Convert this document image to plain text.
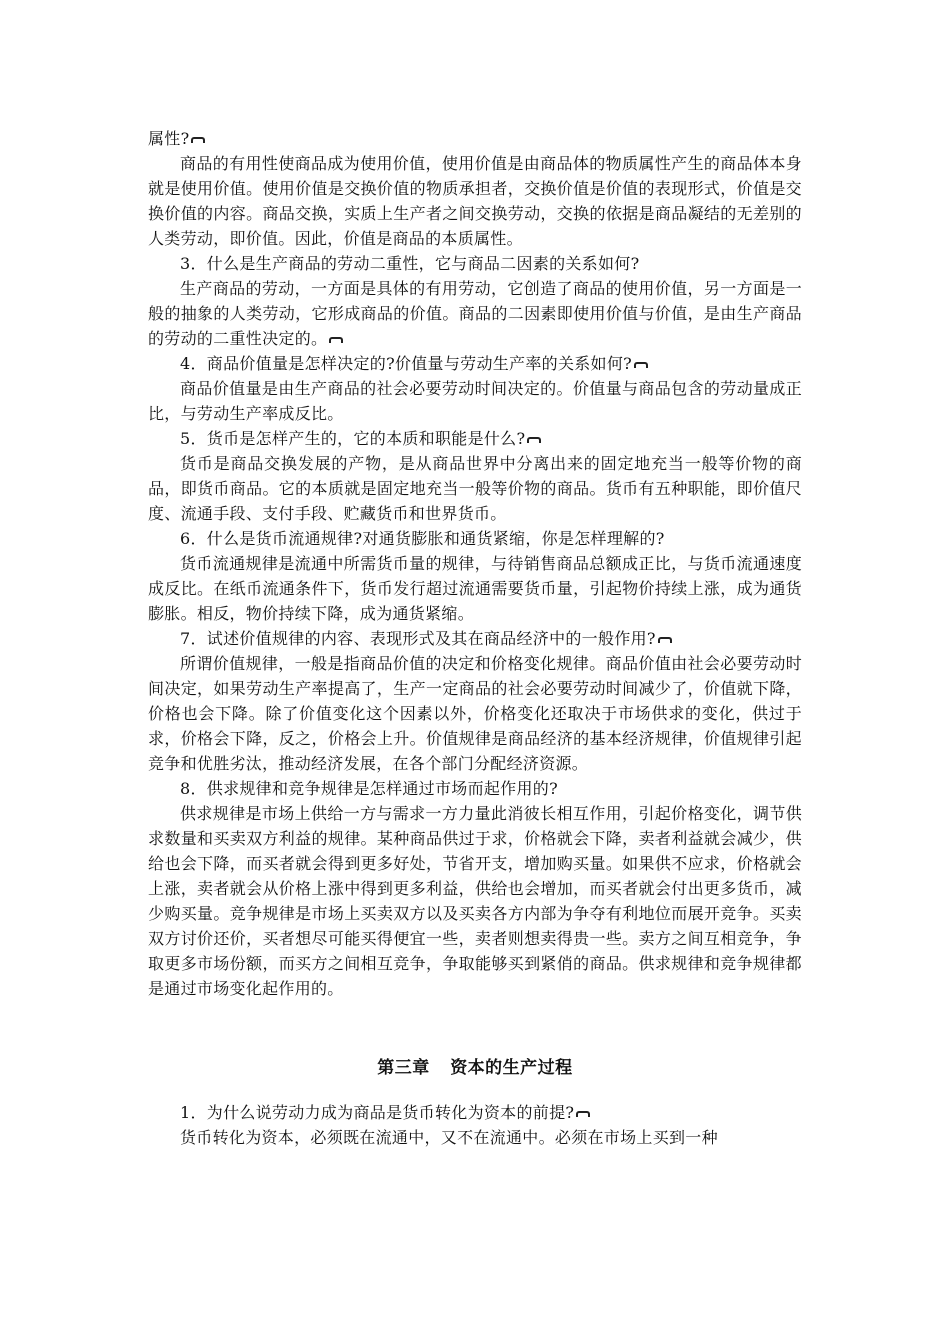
属性?

商品的有用性使商品成为使用价值，使用价值是由商品体的物质属性产生的商品体本身就是使用价值。使用价值是交换价值的物质承担者，交换价值是价值的表现形式，价值是交换价值的内容。商品交换，实质上生产者之间交换劳动，交换的依据是商品凝结的无差别的人类劳动，即价值。因此，价值是商品的本质属性。

3．什么是生产商品的劳动二重性，它与商品二因素的关系如何?

生产商品的劳动，一方面是具体的有用劳动，它创造了商品的使用价值，另一方面是一般的抽象的人类劳动，它形成商品的价值。商品的二因素即使用价值与价值，是由生产商品的劳动的二重性决定的。

4．商品价值量是怎样决定的?价值量与劳动生产率的关系如何?

商品价值量是由生产商品的社会必要劳动时间决定的。价值量与商品包含的劳动量成正比，与劳动生产率成反比。

5．货币是怎样产生的，它的本质和职能是什么?

货币是商品交换发展的产物，是从商品世界中分离出来的固定地充当一般等价物的商品，即货币商品。它的本质就是固定地充当一般等价物的商品。货币有五种职能，即价值尺度、流通手段、支付手段、贮藏货币和世界货币。

6．什么是货币流通规律?对通货膨胀和通货紧缩，你是怎样理解的?

货币流通规律是流通中所需货币量的规律，与待销售商品总额成正比，与货币流通速度成反比。在纸币流通条件下，货币发行超过流通需要货币量，引起物价持续上涨，成为通货膨胀。相反，物价持续下降，成为通货紧缩。

7．试述价值规律的内容、表现形式及其在商品经济中的一般作用?

所谓价值规律，一般是指商品价值的决定和价格变化规律。商品价值由社会必要劳动时间决定，如果劳动生产率提高了，生产一定商品的社会必要劳动时间减少了，价值就下降，价格也会下降。除了价值变化这个因素以外，价格变化还取决于市场供求的变化，供过于求，价格会下降，反之，价格会上升。价值规律是商品经济的基本经济规律，价值规律引起竞争和优胜劣汰，推动经济发展，在各个部门分配经济资源。

8．供求规律和竞争规律是怎样通过市场而起作用的?

供求规律是市场上供给一方与需求一方力量此消彼长相互作用，引起价格变化，调节供求数量和买卖双方利益的规律。某种商品供过于求，价格就会下降，卖者利益就会减少，供给也会下降，而买者就会得到更多好处，节省开支，增加购买量。如果供不应求，价格就会上涨，卖者就会从价格上涨中得到更多利益，供给也会增加，而买者就会付出更多货币，减少购买量。竞争规律是市场上买卖双方以及买卖各方内部为争夺有利地位而展开竞争。买卖双方讨价还价，买者想尽可能买得便宜一些，卖者则想卖得贵一些。卖方之间互相竞争，争取更多市场份额，而买方之间相互竞争，争取能够买到紧俏的商品。供求规律和竞争规律都是通过市场变化起作用的。

第三章 资本的生产过程

1．为什么说劳动力成为商品是货币转化为资本的前提?

货币转化为资本，必须既在流通中，又不在流通中。必须在市场上买到一种
